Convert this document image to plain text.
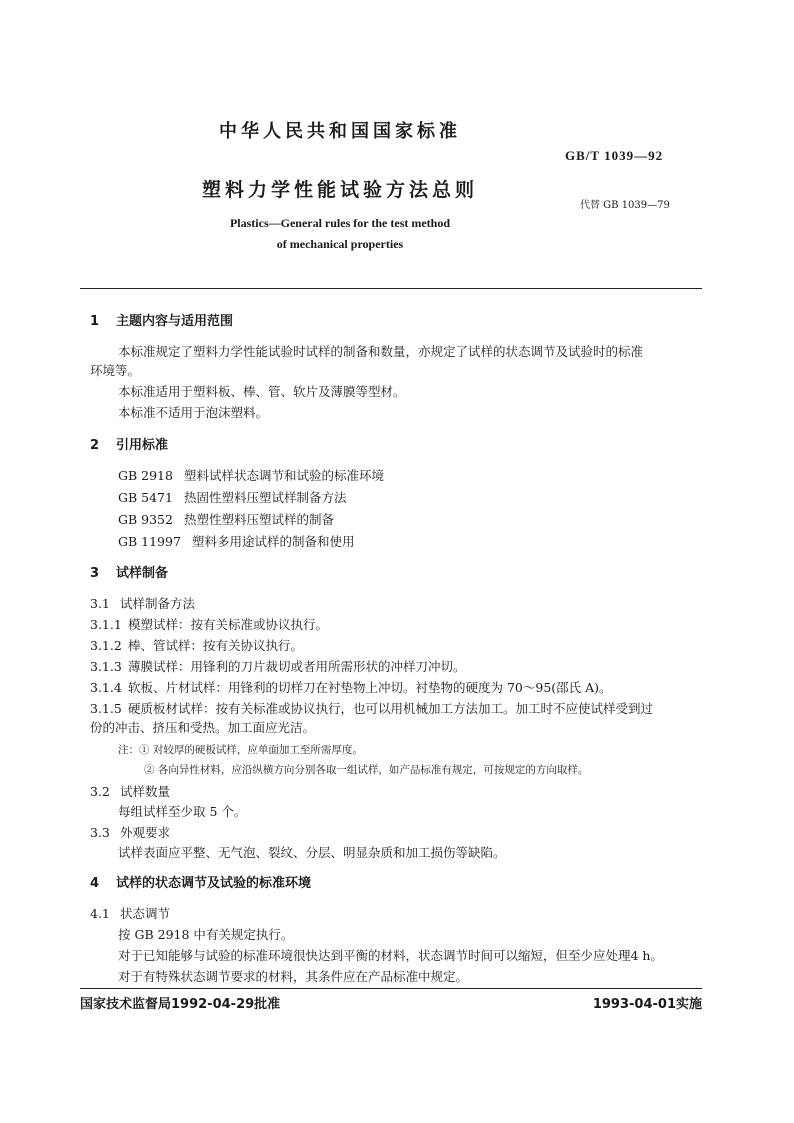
中华人民共和国国家标准
GB/T 1039—92
塑料力学性能试验方法总则
代替 GB 1039—79
Plastics—General rules for the test method
of mechanical properties
1 主题内容与适用范围
本标准规定了塑料力学性能试验时试样的制备和数量，亦规定了试样的状态调节及试验时的标准
环境等。
本标准适用于塑料板、棒、管、软片及薄膜等型材。
本标准不适用于泡沫塑料。
2 引用标准
GB 2918 塑料试样状态调节和试验的标准环境
GB 5471 热固性塑料压塑试样制备方法
GB 9352 热塑性塑料压塑试样的制备
GB 11997 塑料多用途试样的制备和使用
3 试样制备
3.1 试样制备方法
3.1.1 模塑试样：按有关标准或协议执行。
3.1.2 棒、管试样：按有关协议执行。
3.1.3 薄膜试样：用锋利的刀片裁切或者用所需形状的冲样刀冲切。
3.1.4 软板、片材试样：用锋利的切样刀在衬垫物上冲切。衬垫物的硬度为 70～95(邵氏 A)。
3.1.5 硬质板材试样：按有关标准或协议执行，也可以用机械加工方法加工。加工时不应使试样受到过
份的冲击、挤压和受热。加工面应光洁。
注：① 对较厚的硬板试样，应单面加工至所需厚度。
② 各向异性材料，应沿纵横方向分别各取一组试样，如产品标准有规定，可按规定的方向取样。
3.2 试样数量
每组试样至少取 5 个。
3.3 外观要求
试样表面应平整、无气泡、裂纹、分层、明显杂质和加工损伤等缺陷。
4 试样的状态调节及试验的标准环境
4.1 状态调节
按 GB 2918 中有关规定执行。
对于已知能够与试验的标准环境很快达到平衡的材料，状态调节时间可以缩短，但至少应处理4 h。
对于有特殊状态调节要求的材料，其条件应在产品标准中规定。
国家技术监督局1992-04-29批准	1993-04-01实施
